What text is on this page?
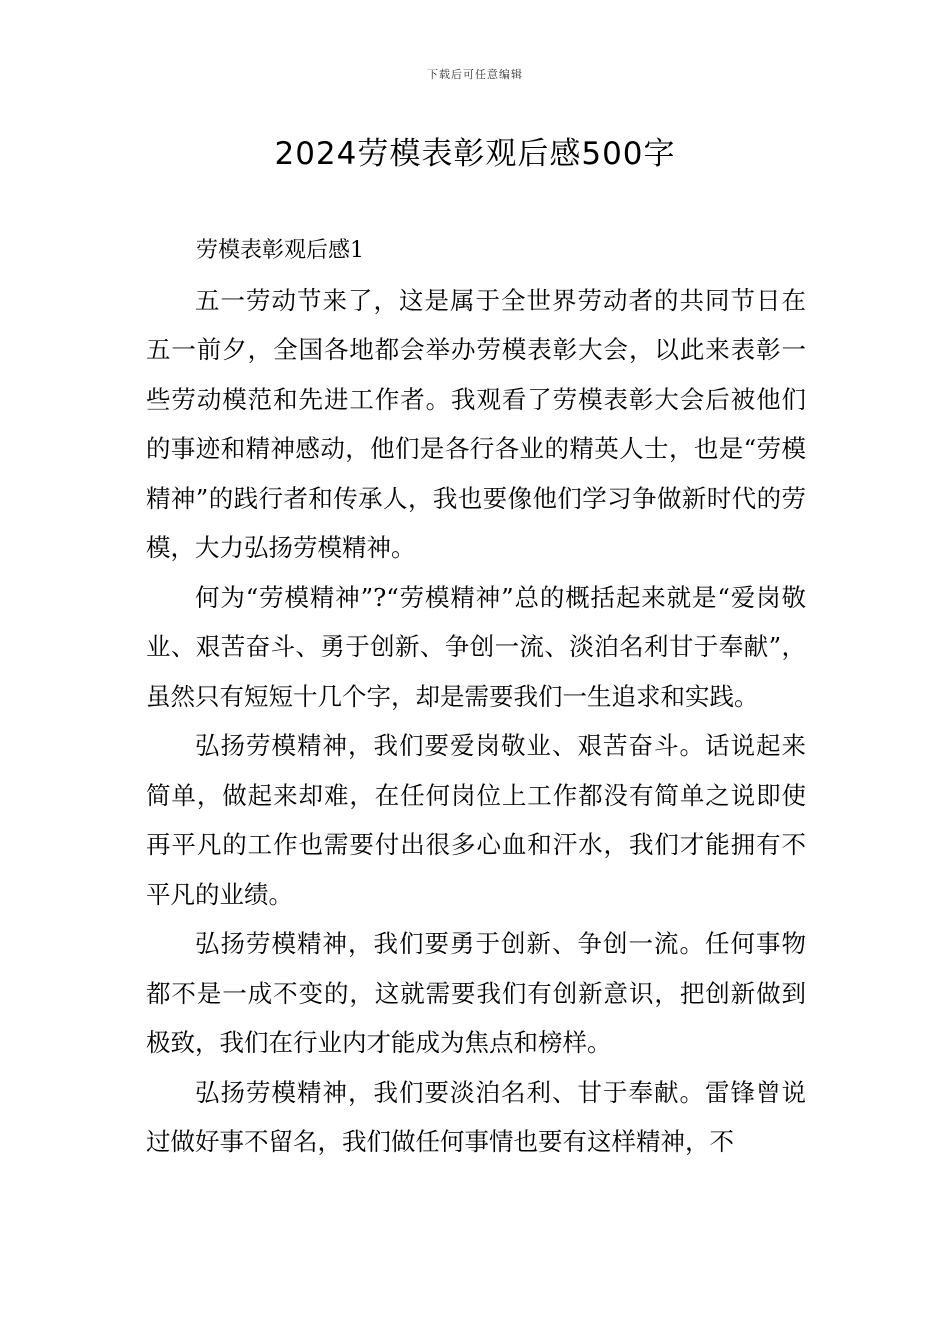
下载后可任意编辑
2024劳模表彰观后感500字
劳模表彰观后感1

五一劳动节来了，这是属于全世界劳动者的共同节日在五一前夕，全国各地都会举办劳模表彰大会，以此来表彰一些劳动模范和先进工作者。我观看了劳模表彰大会后被他们的事迹和精神感动，他们是各行各业的精英人士，也是“劳模精神”的践行者和传承人，我也要像他们学习争做新时代的劳模，大力弘扬劳模精神。

何为“劳模精神”?“劳模精神”总的概括起来就是“爱岗敬业、艰苦奋斗、勇于创新、争创一流、淡泊名利甘于奉献”，虽然只有短短十几个字，却是需要我们一生追求和实践。

弘扬劳模精神，我们要爱岗敬业、艰苦奋斗。话说起来简单，做起来却难，在任何岗位上工作都没有简单之说即使再平凡的工作也需要付出很多心血和汗水，我们才能拥有不平凡的业绩。

弘扬劳模精神，我们要勇于创新、争创一流。任何事物都不是一成不变的，这就需要我们有创新意识，把创新做到极致，我们在行业内才能成为焦点和榜样。

弘扬劳模精神，我们要淡泊名利、甘于奉献。雷锋曾说过做好事不留名，我们做任何事情也要有这样精神，不
